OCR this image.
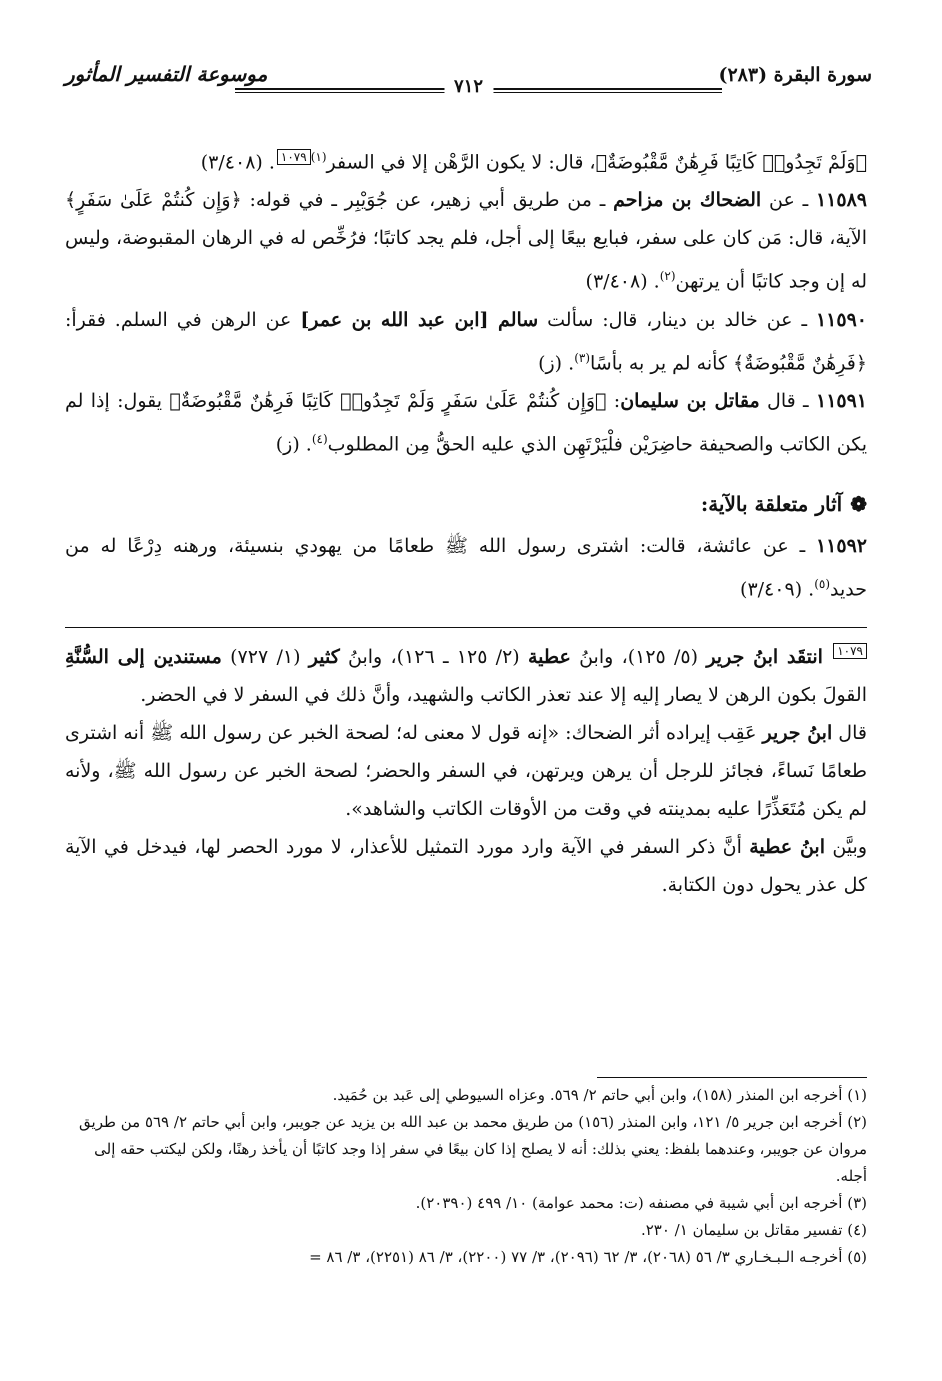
سورة البقرة (٢٨٣)
٧١٢
موسوعة التفسير المأثور

﴿وَلَمْ تَجِدُوا۟ كَاتِبًا فَرِهَٰنٌ مَّقْبُوضَةٌ﴾، قال: لا يكون الرَّهْن إلا في السفر$^{(١)}$١٠٧٩. (٣/٤٠٨)

١١٥٨٩ ـ عن الضحاك بن مزاحم ـ من طريق أبي زهير، عن جُوَيْبِر ـ في قوله: ﴿وَإِن كُنتُمْ عَلَىٰ سَفَرٍ﴾ الآية، قال: مَن كان على سفر، فبايع بيعًا إلى أجل، فلم يجد كاتبًا؛ فرُخِّص له في الرهان المقبوضة، وليس له إن وجد كاتبًا أن يرتهن$^{(٢)}$. (٣/٤٠٨)

١١٥٩٠ ـ عن خالد بن دينار، قال: سألت سالم [ابن عبد الله بن عمر] عن الرهن في السلم. فقرأ: ﴿فَرِهَٰنٌ مَّقْبُوضَةٌ﴾ كأنه لم ير به بأسًا$^{(٣)}$. (ز)

١١٥٩١ ـ قال مقاتل بن سليمان: ﴿وَإِن كُنتُمْ عَلَىٰ سَفَرٍ وَلَمْ تَجِدُوا۟ كَاتِبًا فَرِهَٰنٌ مَّقْبُوضَةٌ﴾ يقول: إذا لم يكن الكاتب والصحيفة حاضِرَيْن فلْيَرْتَهِن الذي عليه الحقُّ مِن المطلوب$^{(٤)}$. (ز)

❁آثار متعلقة بالآية:

١١٥٩٢ ـ عن عائشة، قالت: اشترى رسول الله ﷺ طعامًا من يهودي بنسيئة، ورهنه دِرْعًا له من حديد$^{(٥)}$. (٣/٤٠٩)

١٠٧٩ انتقَد ابنُ جرير (٥/ ١٢٥)، وابنُ عطية (٢/ ١٢٥ ـ ١٢٦)، وابنُ كثير (١/ ٧٢٧) مستندين إلى السُّنَّةِ القولَ بكون الرهن لا يصار إليه إلا عند تعذر الكاتب والشهيد، وأنَّ ذلك في السفر لا في الحضر.

قال ابنُ جرير عَقِب إيراده أثر الضحاك: «إنه قول لا معنى له؛ لصحة الخبر عن رسول الله ﷺ أنه اشترى طعامًا نَساءً، فجائز للرجل أن يرهن ويرتهن، في السفر والحضر؛ لصحة الخبر عن رسول الله ﷺ، ولأنه لم يكن مُتَعَذِّرًا عليه بمدينته في وقت من الأوقات الكاتب والشاهد».

وبيَّن ابنُ عطية أنَّ ذكر السفر في الآية وارد مورد التمثيل للأعذار، لا مورد الحصر لها، فيدخل في الآية كل عذر يحول دون الكتابة.

(١) أخرجه ابن المنذر (١٥٨)، وابن أبي حاتم ٢/ ٥٦٩. وعزاه السيوطي إلى عَبد بن حُمَيد.

(٢) أخرجه ابن جرير ٥/ ١٢١، وابن المنذر (١٥٦) من طريق محمد بن عبد الله بن يزيد عن جويبر، وابن أبي حاتم ٢/ ٥٦٩ من طريق مروان عن جويبر، وعندهما بلفظ: يعني بذلك: أنه لا يصلح إذا كان بيعًا في سفر إذا وجد كاتبًا أن يأخذ رهنًا، ولكن ليكتب حقه إلى أجله.

(٣) أخرجه ابن أبي شيبة في مصنفه (ت: محمد عوامة) ١٠/ ٤٩٩ (٢٠٣٩٠).

(٤) تفسير مقاتل بن سليمان ١/ ٢٣٠.

(٥) أخرجـه الـبـخـاري ٣/ ٥٦ (٢٠٦٨)، ٣/ ٦٢ (٢٠٩٦)، ٣/ ٧٧ (٢٢٠٠)، ٣/ ٨٦ (٢٢٥١)، ٣/ ٨٦ =
